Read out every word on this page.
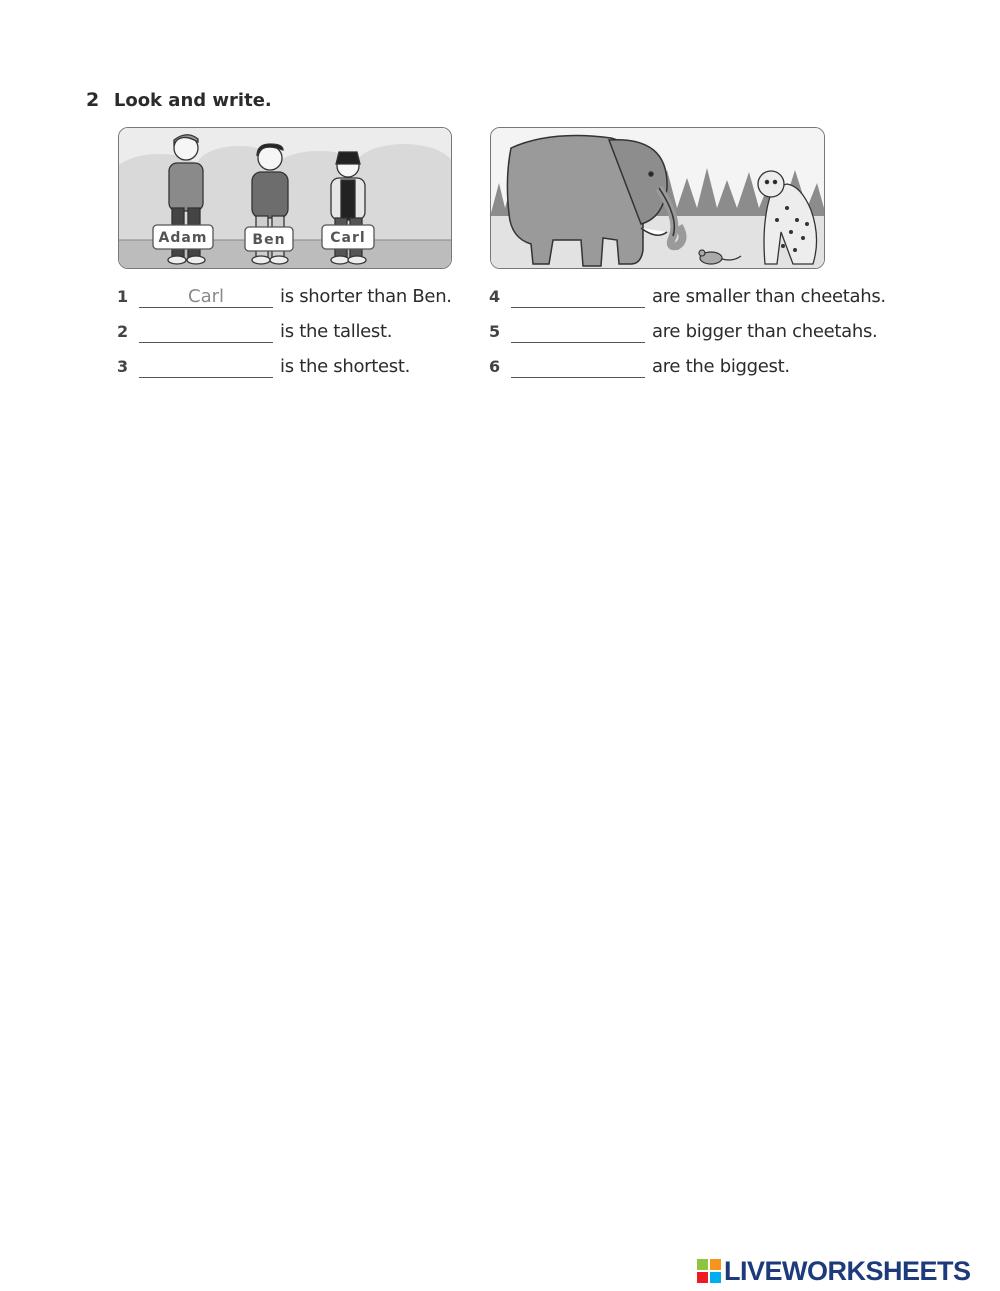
2 Look and write.
Adam	Ben	Carl
1
Carl	is shorter than Ben.
2	is the tallest.
3	is the shortest.
4	are smaller than cheetahs.
5	are bigger than cheetahs.
6	are the biggest.
LIVEWORKSHEETS
